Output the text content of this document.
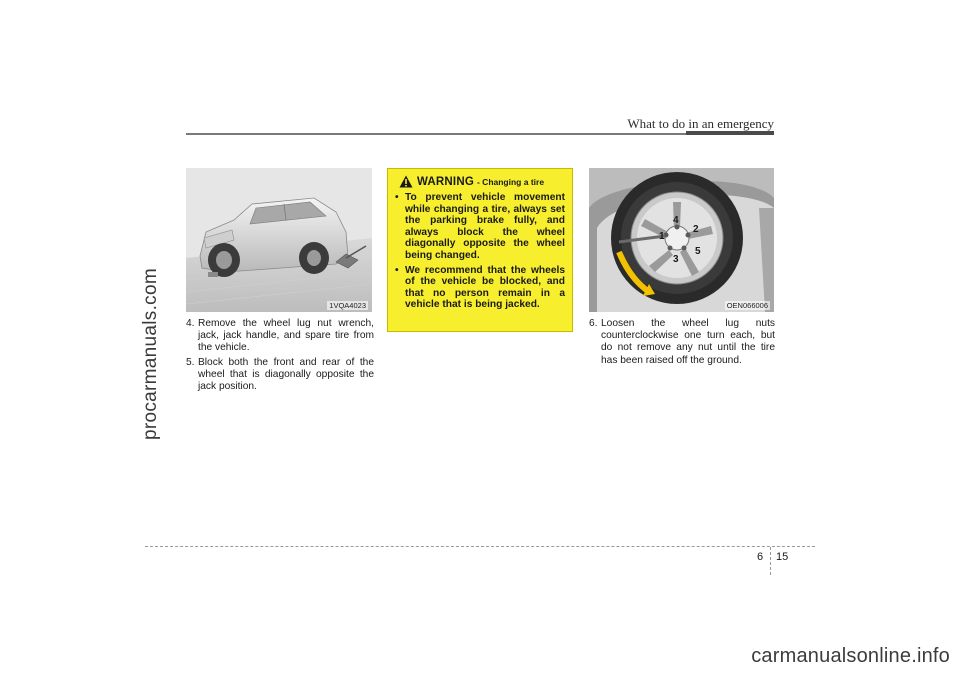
procarmanuals.com
What to do in an emergency
1VQA4023
4. Remove the wheel lug nut wrench, jack, jack handle, and spare tire from the vehicle.
5. Block both the front and rear of the wheel that is diagonally opposite the jack position.
WARNING - Changing a tire
• To prevent vehicle movement while changing a tire, always set the parking brake fully, and always block the wheel diagonally opposite the wheel being changed.
• We recommend that the wheels of the vehicle be blocked, and that no person remain in a vehicle that is being jacked.
1
2
3
4
5
OEN066006
6. Loosen the wheel lug nuts counterclockwise one turn each, but do not remove any nut until the tire has been raised off the ground.
6 15
carmanualsonline.info
